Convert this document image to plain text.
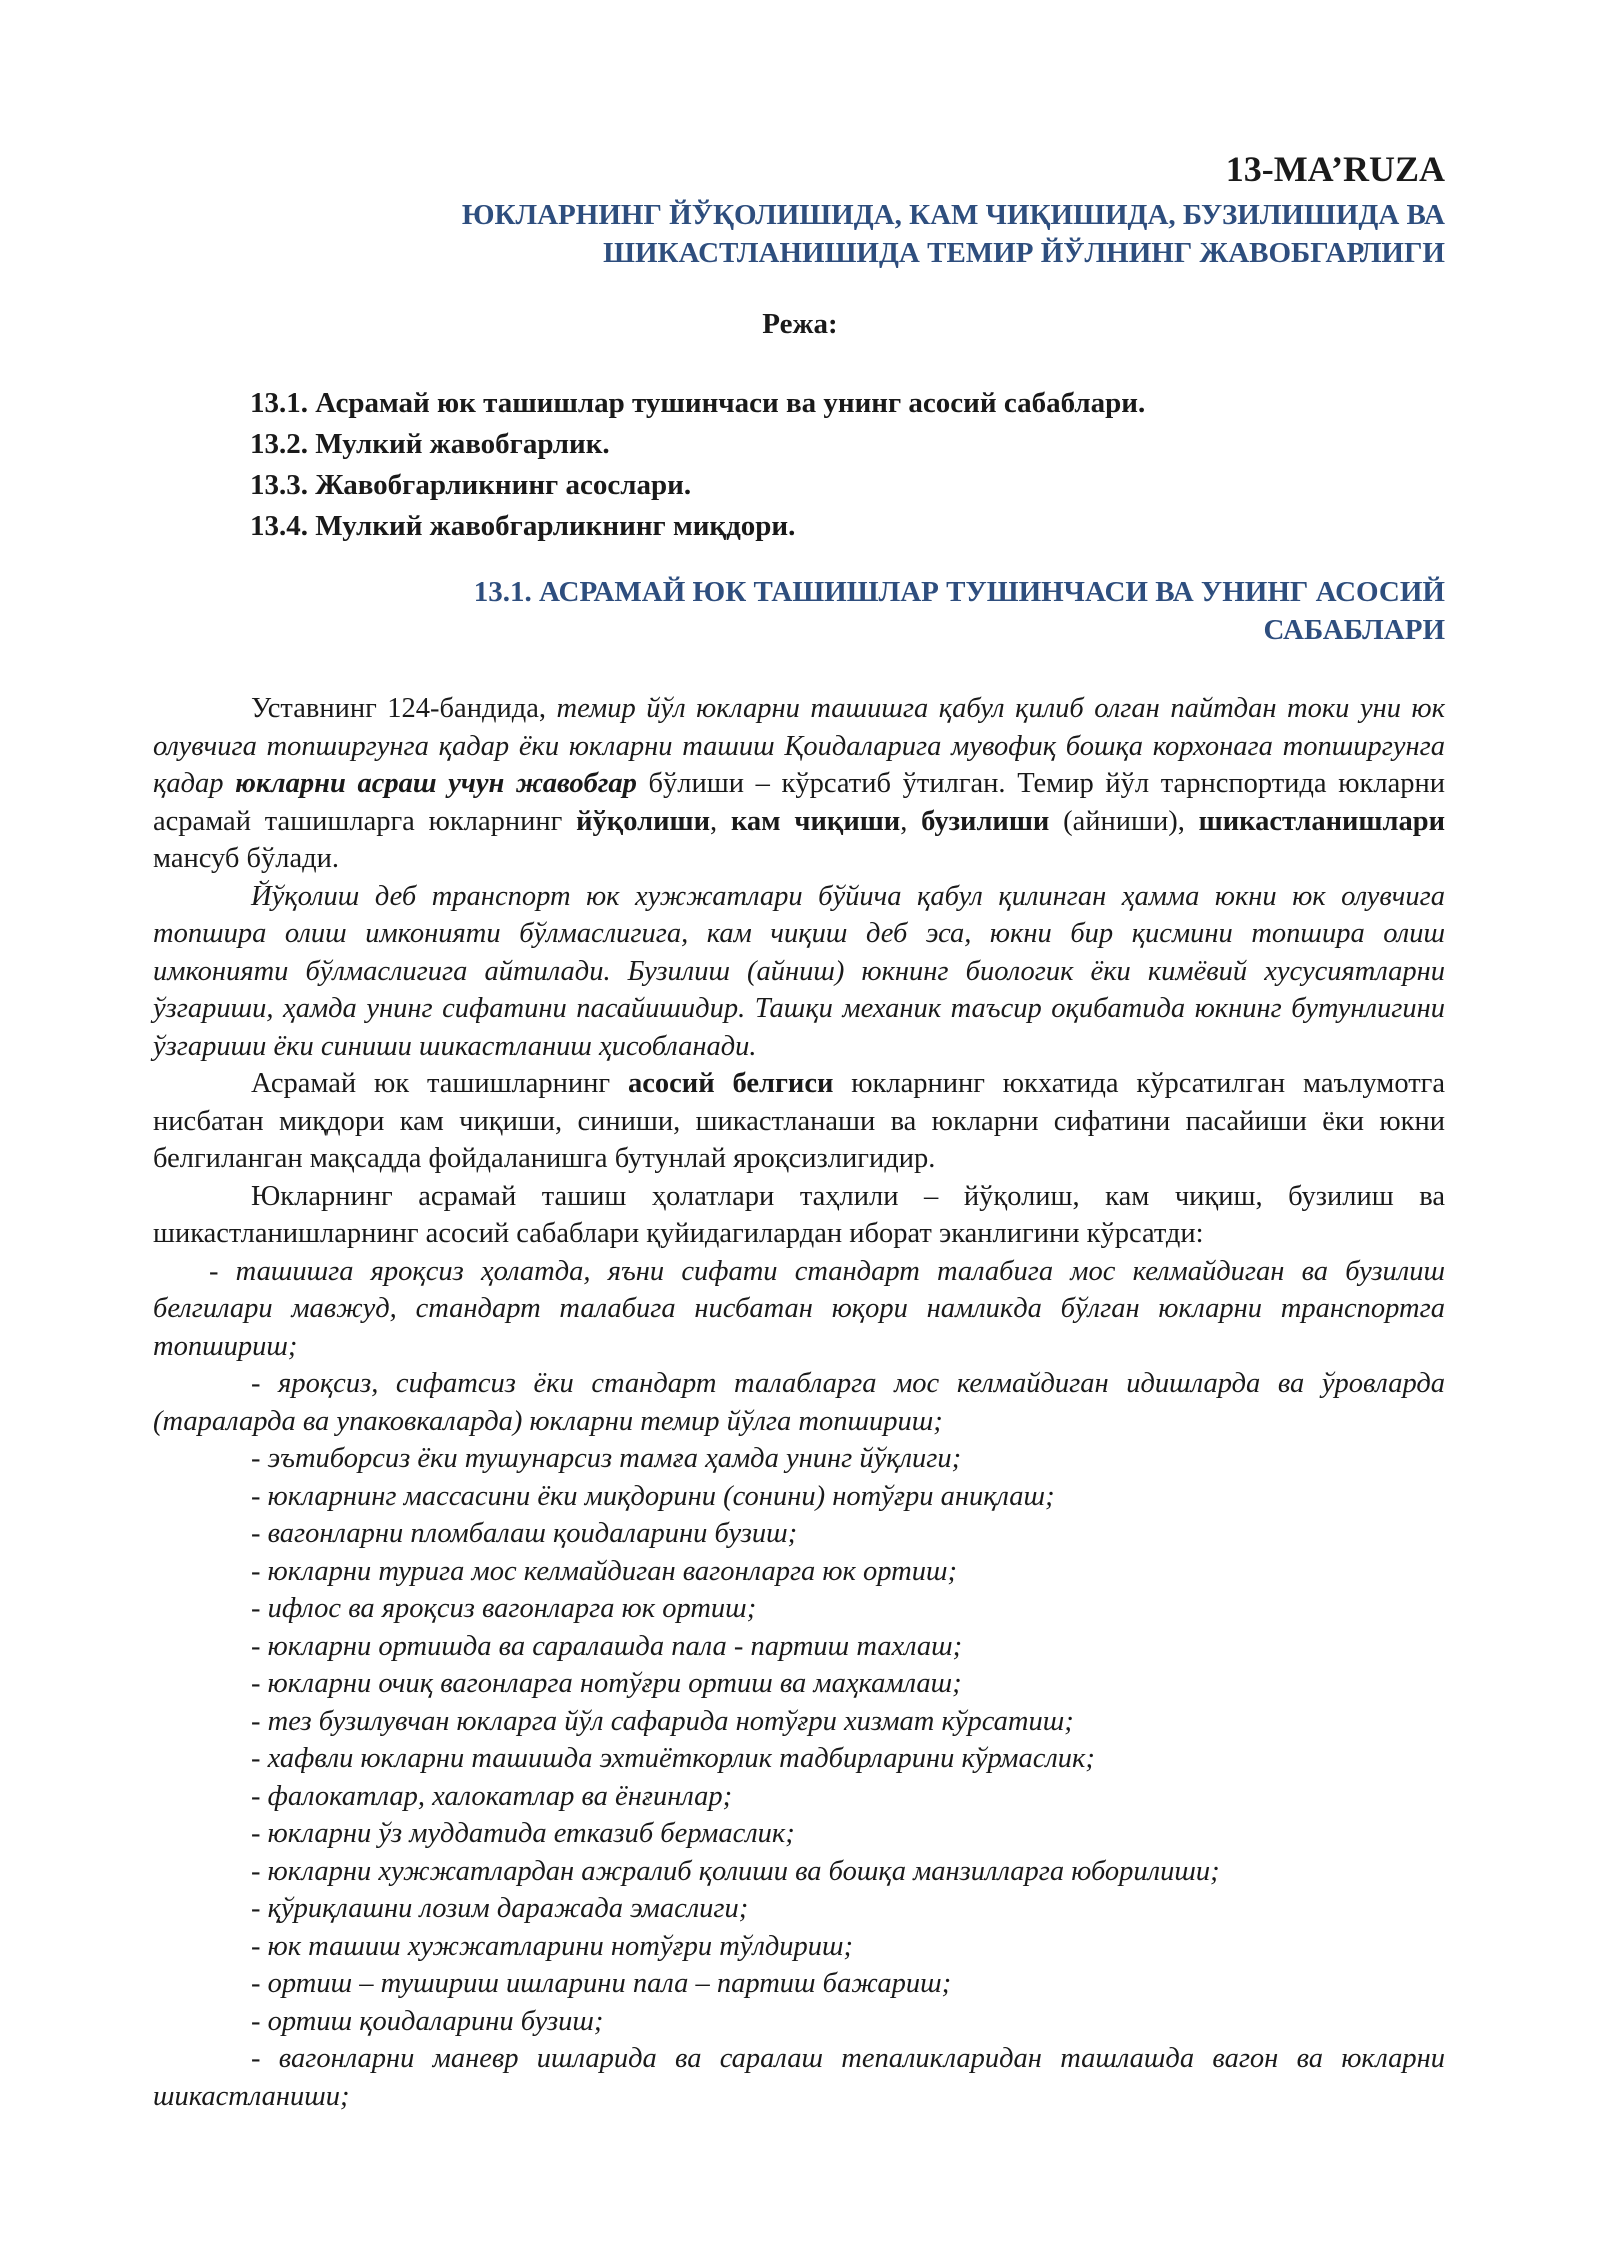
13-MA’RUZA
ЮКЛАРНИНГ ЙЎҚОЛИШИДА, КАМ ЧИҚИШИДА, БУЗИЛИШИДА ВА
ШИКАСТЛАНИШИДА ТЕМИР ЙЎЛНИНГ ЖАВОБГАРЛИГИ
Режа:
13.1. Асрамай юк ташишлар тушинчаси ва унинг асосий сабаблари.
13.2. Мулкий жавобгарлик.
13.3. Жавобгарликнинг асослари.
13.4. Мулкий жавобгарликнинг миқдори.
13.1. АСРАМАЙ ЮК ТАШИШЛАР ТУШИНЧАСИ ВА УНИНГ АСОСИЙ
САБАБЛАРИ

Уставнинг 124-бандида, темир йўл юкларни ташишга қабул қилиб олган пайтдан токи уни юк олувчига топширгунга қадар ёки юкларни ташиш Қоидаларига мувофиқ бошқа корхонага топширгунга қадар юкларни асраш учун жавобгар бўлиши – кўрсатиб ўтилган. Темир йўл тарнспортида юкларни асрамай ташишларга юкларнинг йўқолиши, кам чиқиши, бузилиши (айниши), шикастланишлари мансуб бўлади.

Йўқолиш деб транспорт юк хужжатлари бўйича қабул қилинган ҳамма юкни юк олувчига топшира олиш имконияти бўлмаслигига, кам чиқиш деб эса, юкни бир қисмини топшира олиш имконияти бўлмаслигига айтилади. Бузилиш (айниш) юкнинг биологик ёки кимёвий хусусиятларни ўзгариши, ҳамда унинг сифатини пасайишидир. Ташқи механик таъсир оқибатида юкнинг бутунлигини ўзгариши ёки синиши шикастланиш ҳисобланади.

Асрамай юк ташишларнинг асосий белгиси юкларнинг юкхатида кўрсатилган маълумотга нисбатан миқдори кам чиқиши, синиши, шикастланаши ва юкларни сифатини пасайиши ёки юкни белгиланган мақсадда фойдаланишга бутунлай яроқсизлигидир.

Юкларнинг асрамай ташиш ҳолатлари таҳлили – йўқолиш, кам чиқиш, бузилиш ва шикастланишларнинг асосий сабаблари қуйидагилардан иборат эканлигини кўрсатди:

- ташишга яроқсиз ҳолатда, яъни сифати стандарт талабига мос келмайдиган ва бузилиш белгилари мавжуд, стандарт талабига нисбатан юқори намликда бўлган юкларни транспортга топшириш;

- яроқсиз, сифатсиз ёки стандарт талабларга мос келмайдиган идишларда ва ўровларда (тараларда ва упаковкаларда) юкларни темир йўлга топшириш;

- эътиборсиз ёки тушунарсиз тамға ҳамда унинг йўқлиги;

- юкларнинг массасини ёки миқдорини (сонини) нотўғри аниқлаш;

- вагонларни пломбалаш қоидаларини бузиш;

- юкларни турига мос келмайдиган вагонларга юк ортиш;

- ифлос ва яроқсиз вагонларга юк ортиш;

- юкларни ортишда ва саралашда пала - партиш тахлаш;

- юкларни очиқ вагонларга нотўғри ортиш ва маҳкамлаш;

- тез бузилувчан юкларга йўл сафарида нотўғри хизмат кўрсатиш;

- хафвли юкларни ташишда эхтиёткорлик тадбирларини кўрмаслик;

- фалокатлар, халокатлар ва ёнғинлар;

- юкларни ўз муддатида етказиб бермаслик;

- юкларни хужжатлардан ажралиб қолиши ва бошқа манзилларга юборилиши;

- қўриқлашни лозим даражада эмаслиги;

- юк ташиш хужжатларини нотўғри тўлдириш;

- ортиш – тушириш ишларини пала – партиш бажариш;

- ортиш қоидаларини бузиш;

- вагонларни маневр ишларида ва саралаш тепаликларидан ташлашда вагон ва юкларни шикастланиши;
